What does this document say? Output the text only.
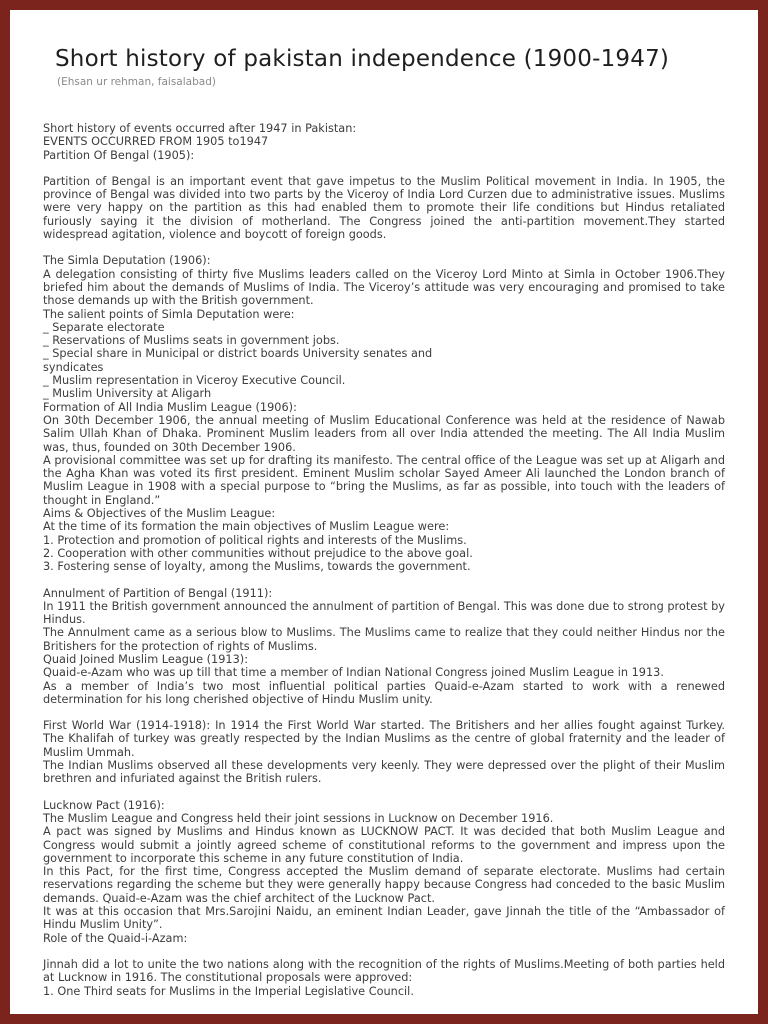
Short history of pakistan independence (1900-1947)
(Ehsan ur rehman, faisalabad)

Short history of events occurred after 1947 in Pakistan:

EVENTS OCCURRED FROM 1905 to1947

Partition Of Bengal (1905):

Partition of Bengal is an important event that gave impetus to the Muslim Political movement in India. In 1905, the province of Bengal was divided into two parts by the Viceroy of India Lord Curzen due to administrative issues. Muslims were very happy on the partition as this had enabled them to promote their life conditions but Hindus retaliated furiously saying it the division of motherland. The Congress joined the anti-partition movement.They started widespread agitation, violence and boycott of foreign goods.

The Simla Deputation (1906):

A delegation consisting of thirty five Muslims leaders called on the Viceroy Lord Minto at Simla in October 1906.They briefed him about the demands of Muslims of India. The Viceroy’s attitude was very encouraging and promised to take those demands up with the British government.

The salient points of Simla Deputation were:

_ Separate electorate

_ Reservations of Muslims seats in government jobs.

_ Special share in Municipal or district boards University senates and

syndicates

_ Muslim representation in Viceroy Executive Council.

_ Muslim University at Aligarh

Formation of All India Muslim League (1906):

On 30th December 1906, the annual meeting of Muslim Educational Conference was held at the residence of Nawab Salim Ullah Khan of Dhaka. Prominent Muslim leaders from all over India attended the meeting. The All India Muslim was, thus, founded on 30th December 1906.

A provisional committee was set up for drafting its manifesto. The central office of the League was set up at Aligarh and the Agha Khan was voted its first president. Eminent Muslim scholar Sayed Ameer Ali launched the London branch of Muslim League in 1908 with a special purpose to “bring the Muslims, as far as possible, into touch with the leaders of thought in England.”

Aims & Objectives of the Muslim League:

At the time of its formation the main objectives of Muslim League were:

1. Protection and promotion of political rights and interests of the Muslims.

2. Cooperation with other communities without prejudice to the above goal.

3. Fostering sense of loyalty, among the Muslims, towards the government.

Annulment of Partition of Bengal (1911):

In 1911 the British government announced the annulment of partition of Bengal. This was done due to strong protest by Hindus.

The Annulment came as a serious blow to Muslims. The Muslims came to realize that they could neither Hindus nor the Britishers for the protection of rights of Muslims.

Quaid Joined Muslim League (1913):

Quaid-e-Azam who was up till that time a member of Indian National Congress joined Muslim League in 1913.

As a member of India’s two most influential political parties Quaid-e-Azam started to work with a renewed determination for his long cherished objective of Hindu Muslim unity.

First World War (1914-1918): In 1914 the First World War started. The Britishers and her allies fought against Turkey. The Khalifah of turkey was greatly respected by the Indian Muslims as the centre of global fraternity and the leader of Muslim Ummah.

The Indian Muslims observed all these developments very keenly. They were depressed over the plight of their Muslim brethren and infuriated against the British rulers.

Lucknow Pact (1916):

The Muslim League and Congress held their joint sessions in Lucknow on December 1916.

A pact was signed by Muslims and Hindus known as LUCKNOW PACT. It was decided that both Muslim League and Congress would submit a jointly agreed scheme of constitutional reforms to the government and impress upon the government to incorporate this scheme in any future constitution of India.

In this Pact, for the first time, Congress accepted the Muslim demand of separate electorate. Muslims had certain reservations regarding the scheme but they were generally happy because Congress had conceded to the basic Muslim demands. Quaid-e-Azam was the chief architect of the Lucknow Pact.

It was at this occasion that Mrs.Sarojini Naidu, an eminent Indian Leader, gave Jinnah the title of the “Ambassador of Hindu Muslim Unity”.

Role of the Quaid-i-Azam:

Jinnah did a lot to unite the two nations along with the recognition of the rights of Muslims.Meeting of both parties held at Lucknow in 1916. The constitutional proposals were approved:

1. One Third seats for Muslims in the Imperial Legislative Council.
